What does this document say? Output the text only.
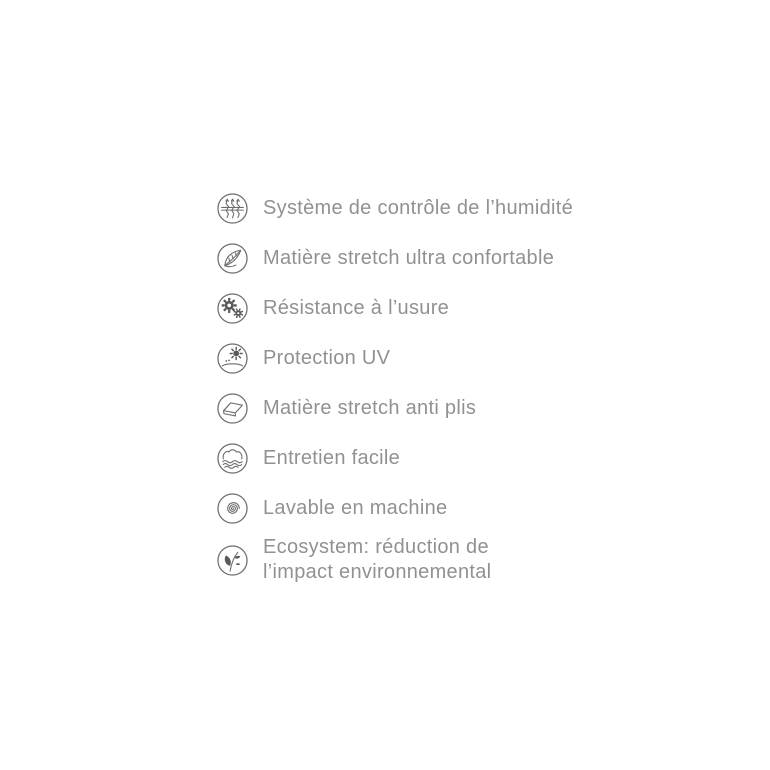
Système de contrôle de l’humidité
Matière stretch ultra confortable
Résistance à l’usure
Protection UV
Matière stretch anti plis
Entretien facile
Lavable en machine
Ecosystem: réduction de l’impact environnemental
